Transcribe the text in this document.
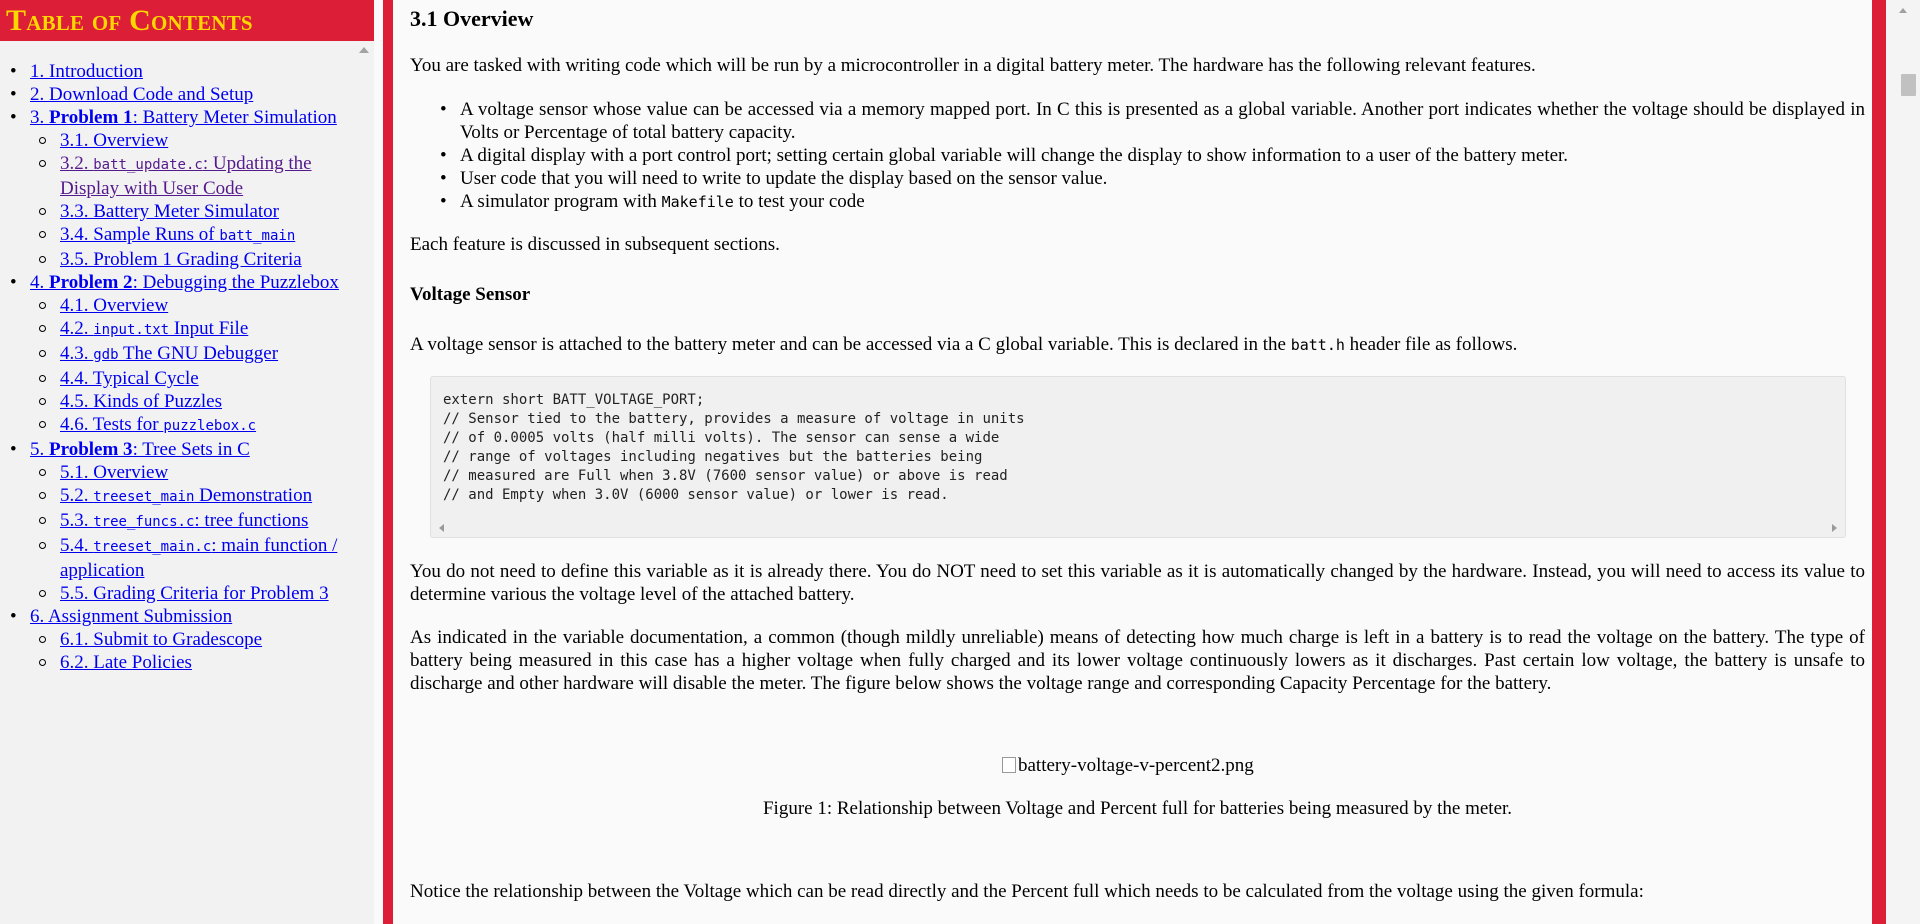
Table of Contents
• 1. Introduction
• 2. Download Code and Setup
• 3. Problem 1: Battery Meter Simulation
3.1. Overview
3.2. batt_update.c: Updating the Display with User Code
3.3. Battery Meter Simulator
3.4. Sample Runs of batt_main
3.5. Problem 1 Grading Criteria
• 4. Problem 2: Debugging the Puzzlebox
4.1. Overview
4.2. input.txt Input File
4.3. gdb The GNU Debugger
4.4. Typical Cycle
4.5. Kinds of Puzzles
4.6. Tests for puzzlebox.c
• 5. Problem 3: Tree Sets in C
5.1. Overview
5.2. treeset_main Demonstration
5.3. tree_funcs.c: tree functions
5.4. treeset_main.c: main function / application
5.5. Grading Criteria for Problem 3
• 6. Assignment Submission
6.1. Submit to Gradescope
6.2. Late Policies
3.1 Overview

You are tasked with writing code which will be run by a microcontroller in a digital battery meter. The hardware has the following relevant features.

• A voltage sensor whose value can be accessed via a memory mapped port. In C this is presented as a global variable. Another port indicates whether the voltage should be displayed in Volts or Percentage of total battery capacity.
• A digital display with a port control port; setting certain global variable will change the display to show information to a user of the battery meter.
• User code that you will need to write to update the display based on the sensor value.
• A simulator program with Makefile to test your code

Each feature is discussed in subsequent sections.

Voltage Sensor

A voltage sensor is attached to the battery meter and can be accessed via a C global variable. This is declared in the batt.h header file as follows.

extern short BATT_VOLTAGE_PORT;
// Sensor tied to the battery, provides a measure of voltage in units
// of 0.0005 volts (half milli volts). The sensor can sense a wide
// range of voltages including negatives but the batteries being
// measured are Full when 3.8V (7600 sensor value) or above is read
// and Empty when 3.0V (6000 sensor value) or lower is read.

You do not need to define this variable as it is already there. You do NOT need to set this variable as it is automatically changed by the hardware. Instead, you will need to access its value to determine various the voltage level of the attached battery.

As indicated in the variable documentation, a common (though mildly unreliable) means of detecting how much charge is left in a battery is to read the voltage on the battery. The type of battery being measured in this case has a higher voltage when fully charged and its lower voltage continuously lowers as it discharges. Past certain low voltage, the battery is unsafe to discharge and other hardware will disable the meter. The figure below shows the voltage range and corresponding Capacity Percentage for the battery.

battery-voltage-v-percent2.png

Figure 1: Relationship between Voltage and Percent full for batteries being measured by the meter.

Notice the relationship between the Voltage which can be read directly and the Percent full which needs to be calculated from the voltage using the given formula:
